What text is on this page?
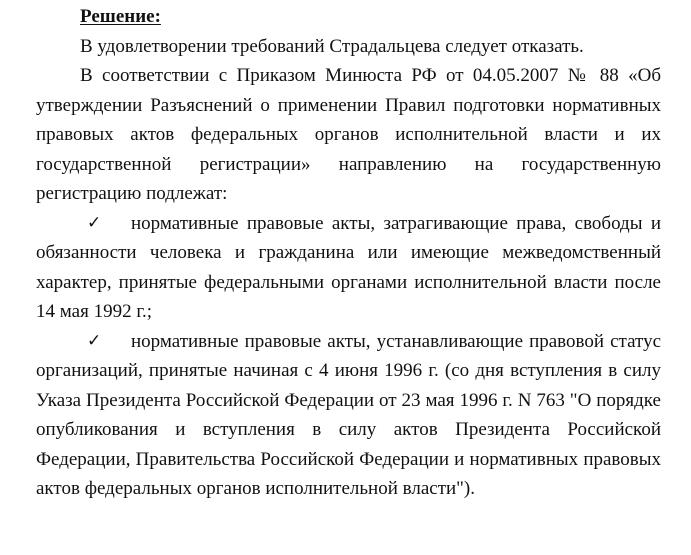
Решение:

В удовлетворении требований Страдальцева следует отказать.

В соответствии с Приказом Минюста РФ от 04.05.2007 № 88 «Об утверждении Разъяснений о применении Правил подготовки нормативных правовых актов федеральных органов исполнительной власти и их государственной регистрации» направлению на государственную регистрацию подлежат:

✓ нормативные правовые акты, затрагивающие права, свободы и обязанности человека и гражданина или имеющие межведомственный характер, принятые федеральными органами исполнительной власти после 14 мая 1992 г.;

✓ нормативные правовые акты, устанавливающие правовой статус организаций, принятые начиная с 4 июня 1996 г. (со дня вступления в силу Указа Президента Российской Федерации от 23 мая 1996 г. N 763 "О порядке опубликования и вступления в силу актов Президента Российской Федерации, Правительства Российской Федерации и нормативных правовых актов федеральных органов исполнительной власти").
